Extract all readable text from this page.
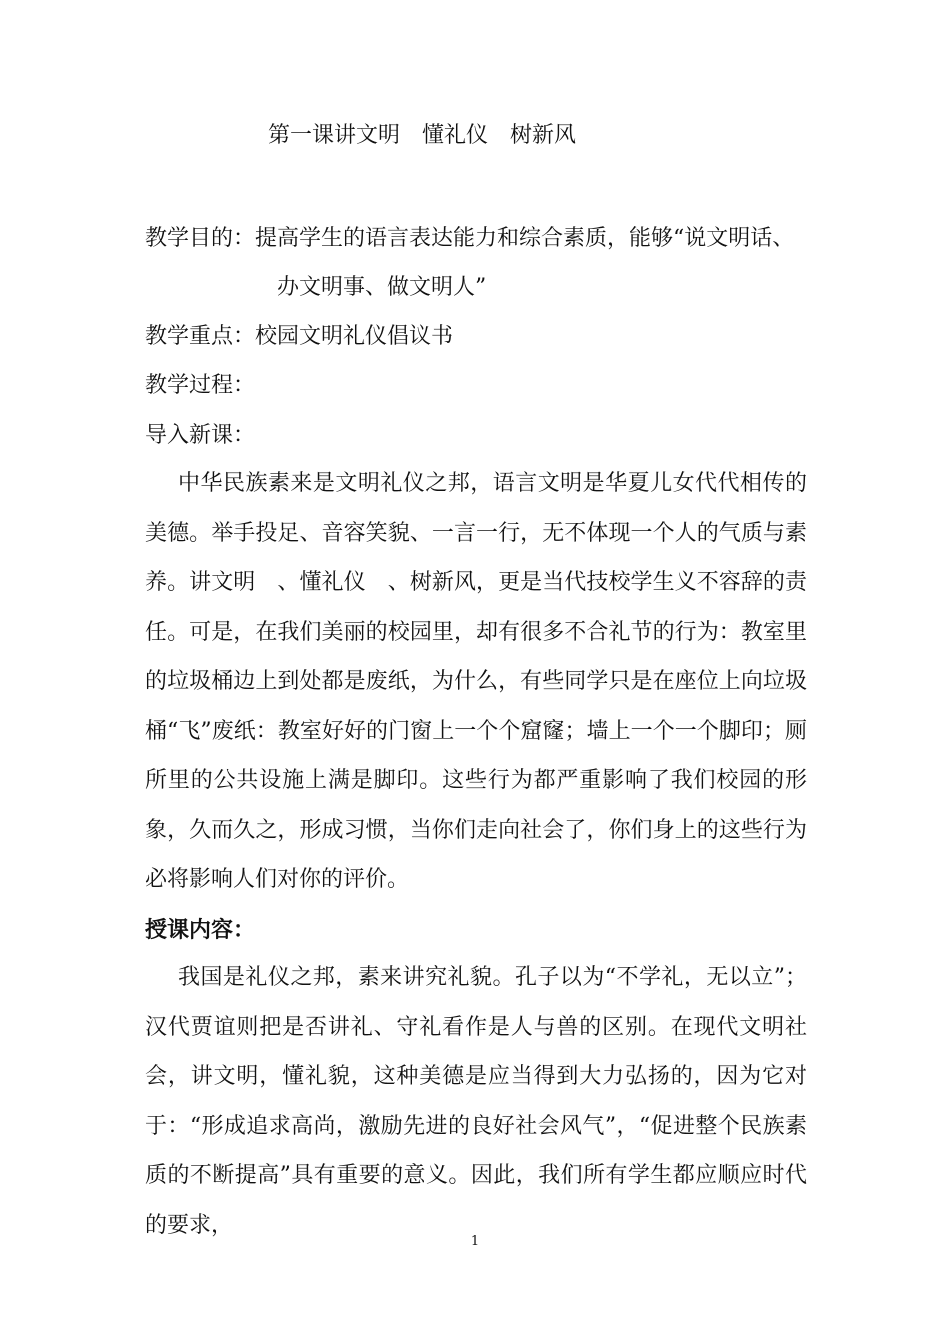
第一课讲文明　懂礼仪　树新风
教学目的：提高学生的语言表达能力和综合素质，能够“说文明话、
办文明事、做文明人”
教学重点：校园文明礼仪倡议书
教学过程：
导入新课：
中华民族素来是文明礼仪之邦，语言文明是华夏儿女代代相传的美德。举手投足、音容笑貌、一言一行，无不体现一个人的气质与素养。讲文明　、懂礼仪　、树新风，更是当代技校学生义不容辞的责任。可是，在我们美丽的校园里，却有很多不合礼节的行为：教室里的垃圾桶边上到处都是废纸，为什么，有些同学只是在座位上向垃圾桶“飞”废纸：教室好好的门窗上一个个窟窿；墙上一个一个脚印；厕所里的公共设施上满是脚印。这些行为都严重影响了我们校园的形象，久而久之，形成习惯，当你们走向社会了，你们身上的这些行为必将影响人们对你的评价。
授课内容：
我国是礼仪之邦，素来讲究礼貌。孔子以为“不学礼，无以立”；汉代贾谊则把是否讲礼、守礼看作是人与兽的区别。在现代文明社会，讲文明，懂礼貌，这种美德是应当得到大力弘扬的，因为它对于：“形成追求高尚，激励先进的良好社会风气”，“促进整个民族素质的不断提高”具有重要的意义。因此，我们所有学生都应顺应时代的要求，
1
